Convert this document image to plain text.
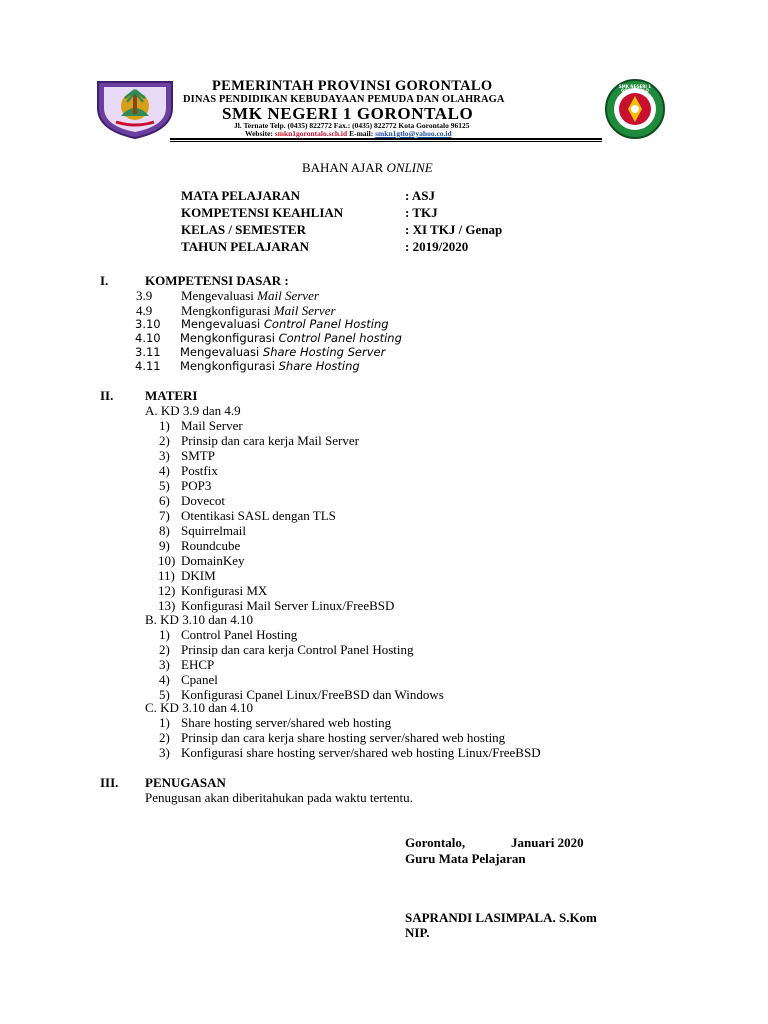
PEMERINTAH PROVINSI GORONTALO
DINAS PENDIDIKAN KEBUDAYAAN PEMUDA DAN OLAHRAGA
SMK NEGERI 1 GORONTALO
Jl. Ternate Telp. (0435) 822772 Fax.: (0435) 822772 Kota Gorontalo 96125
Website: smkn1gorontalo.sch.id E-mail: smkn1gtlo@yahoo.co.id
SMK NEGERI 1 GORONTALO
BAHAN AJAR ONLINE
MATA PELAJARAN	: ASJ
KOMPETENSI KEAHLIAN	: TKJ
KELAS / SEMESTER	: XI TKJ / Genap
TAHUN PELAJARAN	: 2019/2020
I.	KOMPETENSI DASAR :
3.9 Mengevaluasi Mail Server
4.9 Mengkonfigurasi Mail Server
3.10 Mengevaluasi Control Panel Hosting
4.10 Mengkonfigurasi Control Panel hosting
3.11 Mengevaluasi Share Hosting Server
4.11 Mengkonfigurasi Share Hosting
II. MATERI
A. KD 3.9 dan 4.9
1) Mail Server
2) Prinsip dan cara kerja Mail Server
3) SMTP
4) Postfix
5) POP3
6) Dovecot
7) Otentikasi SASL dengan TLS
8) Squirrelmail
9) Roundcube
10) DomainKey
11) DKIM
12) Konfigurasi MX
13) Konfigurasi Mail Server Linux/FreeBSD
B. KD 3.10 dan 4.10
1) Control Panel Hosting
2) Prinsip dan cara kerja Control Panel Hosting
3) EHCP
4) Cpanel
5) Konfigurasi Cpanel Linux/FreeBSD dan Windows
C. KD 3.10 dan 4.10
1) Share hosting server/shared web hosting
2) Prinsip dan cara kerja share hosting server/shared web hosting
3) Konfigurasi share hosting server/shared web hosting Linux/FreeBSD
III. PENUGASAN
Penugusan akan diberitahukan pada waktu tertentu.
Gorontalo,	Januari 2020
Guru Mata Pelajaran
SAPRANDI LASIMPALA. S.Kom
NIP.
